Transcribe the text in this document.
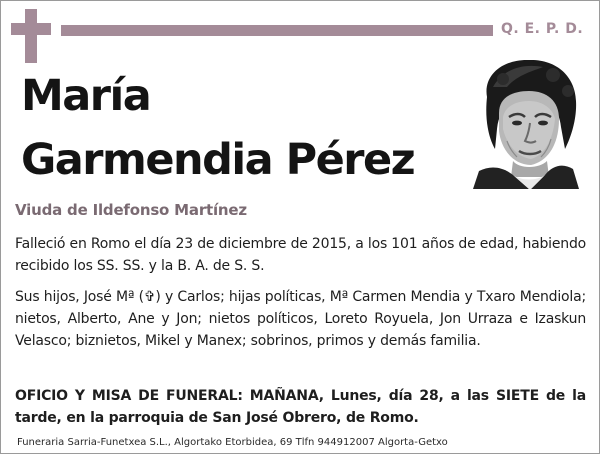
Q. E. P. D.
María
Garmendia Pérez
Viuda de Ildefonso Martínez

Falleció en Romo el día 23 de diciembre de 2015, a los 101 años de edad, habiendo recibido los SS. SS. y la B. A. de S. S.

Sus hijos, José Mª (✞) y Carlos; hijas políticas, Mª Carmen Mendia y Txaro Mendiola; nietos, Alberto, Ane y Jon; nietos políticos, Loreto Royuela, Jon Urraza e Izaskun Velasco; biznietos, Mikel y Manex; sobrinos, primos y demás familia.

OFICIO Y MISA DE FUNERAL: MAÑANA, Lunes, día 28, a las SIETE de la tarde, en la parroquia de San José Obrero, de Romo.

Funeraria Sarria-Funetxea S.L., Algortako Etorbidea, 69 Tlfn 944912007 Algorta-Getxo
